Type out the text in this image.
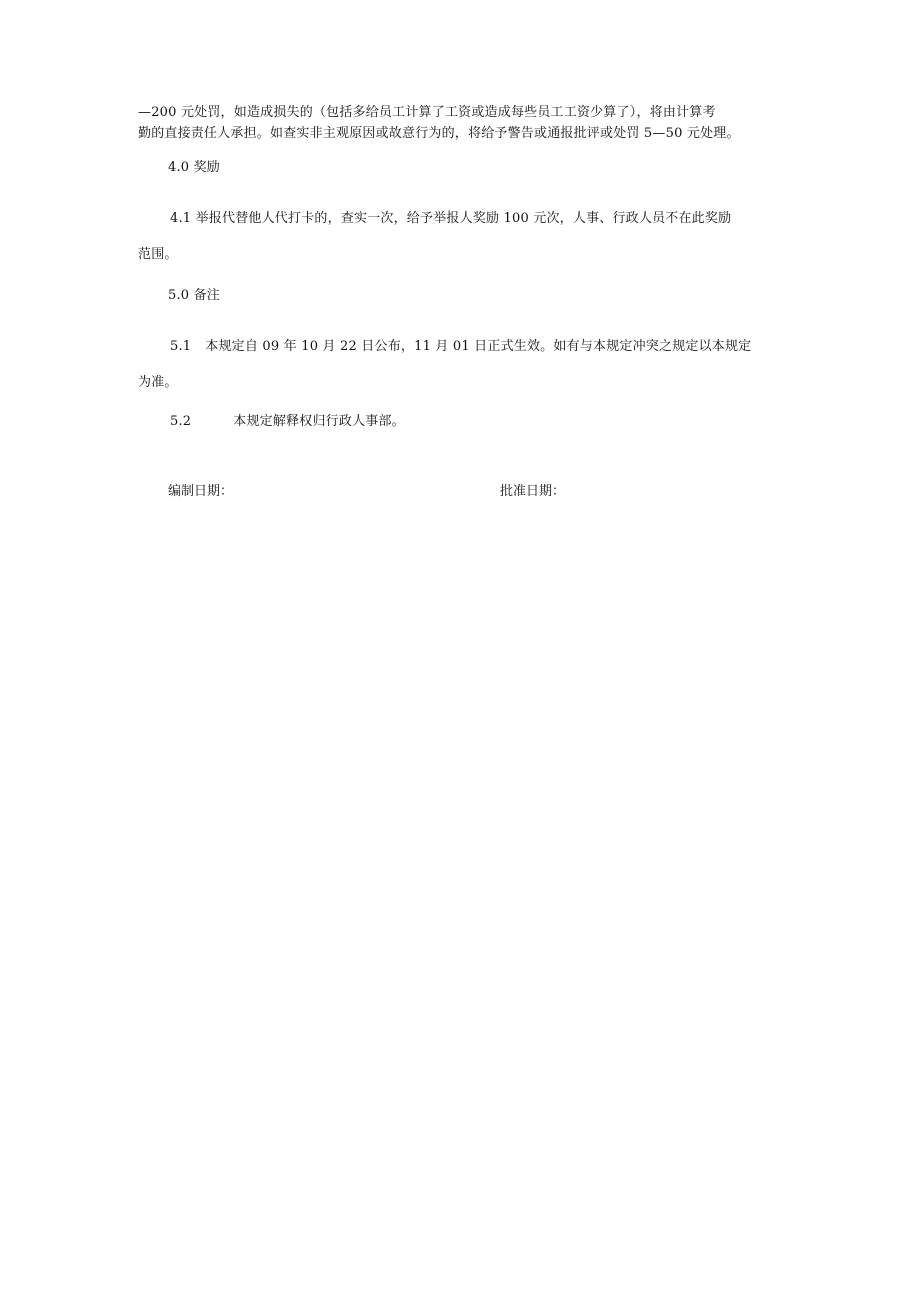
—200 元处罚，如造成损失的（包括多给员工计算了工资或造成每些员工工资少算了），将由计算考
勤的直接责任人承担。如查实非主观原因或故意行为的，将给予警告或通报批评或处罚 5—50 元处理。
4.0 奖励
4.1 举报代替他人代打卡的，查实一次，给予举报人奖励 100 元次，人事、行政人员不在此奖励
范围。
5.0 备注
5.1 本规定自 09 年 10 月 22 日公布，11 月 01 日正式生效。如有与本规定冲突之规定以本规定
为准。
5.2	本规定解释权归行政人事部。
编制日期：	批准日期：
